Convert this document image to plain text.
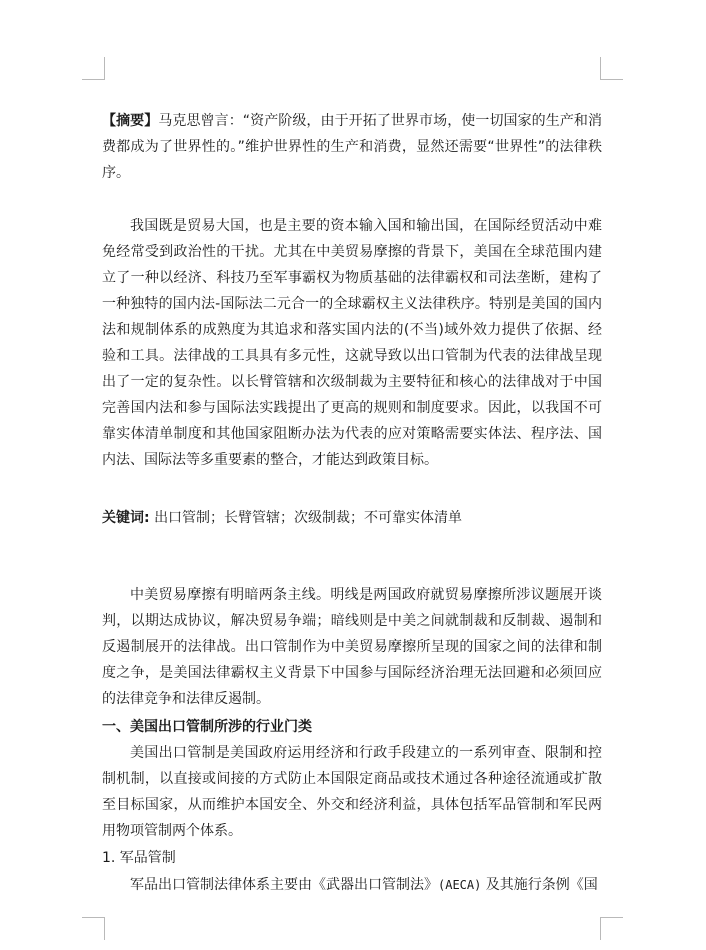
【摘要】马克思曾言：“资产阶级，由于开拓了世界市场，使一切国家的生产和消费都成为了世界性的。”维护世界性的生产和消费，显然还需要“世界性”的法律秩序。

我国既是贸易大国，也是主要的资本输入国和输出国，在国际经贸活动中难免经常受到政治性的干扰。尤其在中美贸易摩擦的背景下，美国在全球范围内建立了一种以经济、科技乃至军事霸权为物质基础的法律霸权和司法垄断，建构了一种独特的国内法-国际法二元合一的全球霸权主义法律秩序。特别是美国的国内法和规制体系的成熟度为其追求和落实国内法的(不当)域外效力提供了依据、经验和工具。法律战的工具具有多元性，这就导致以出口管制为代表的法律战呈现出了一定的复杂性。以长臂管辖和次级制裁为主要特征和核心的法律战对于中国完善国内法和参与国际法实践提出了更高的规则和制度要求。因此，以我国不可靠实体清单制度和其他国家阻断办法为代表的应对策略需要实体法、程序法、国内法、国际法等多重要素的整合，才能达到政策目标。

关键词: 出口管制；长臂管辖；次级制裁；不可靠实体清单

中美贸易摩擦有明暗两条主线。明线是两国政府就贸易摩擦所涉议题展开谈判，以期达成协议，解决贸易争端；暗线则是中美之间就制裁和反制裁、遏制和反遏制展开的法律战。出口管制作为中美贸易摩擦所呈现的国家之间的法律和制度之争，是美国法律霸权主义背景下中国参与国际经济治理无法回避和必须回应的法律竞争和法律反遏制。

一、美国出口管制所涉的行业门类

美国出口管制是美国政府运用经济和行政手段建立的一系列审查、限制和控制机制，以直接或间接的方式防止本国限定商品或技术通过各种途径流通或扩散至目标国家，从而维护本国安全、外交和经济利益，具体包括军品管制和军民两用物项管制两个体系。

1. 军品管制

军品出口管制法律体系主要由《武器出口管制法》(AECA) 及其施行条例《国
